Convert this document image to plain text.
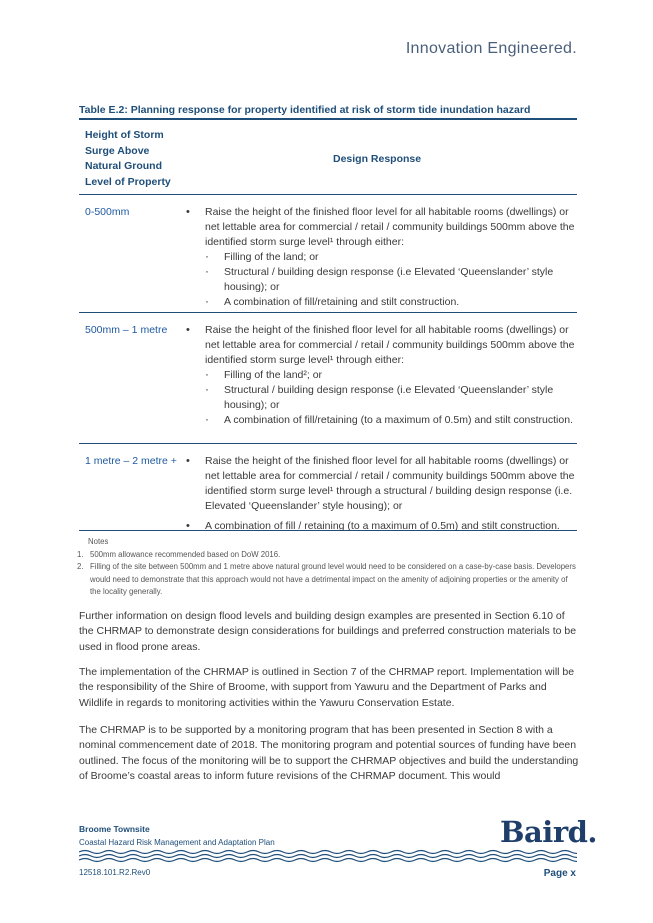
Innovation Engineered.
Table E.2: Planning response for property identified at risk of storm tide inundation hazard
Height of Storm
Surge Above
Natural Ground
Level of Property
Design Response
0-500mm	• Raise the height of the finished floor level for all habitable rooms (dwellings) or net lettable area for commercial / retail / community buildings 500mm above the identified storm surge level¹ through either:
· Filling of the land; or
· Structural / building design response (i.e Elevated ‘Queenslander’ style housing); or
· A combination of fill/retaining and stilt construction.
500mm – 1 metre	• Raise the height of the finished floor level for all habitable rooms (dwellings) or net lettable area for commercial / retail / community buildings 500mm above the identified storm surge level¹ through either:
· Filling of the land²; or
· Structural / building design response (i.e Elevated ‘Queenslander’ style housing); or
· A combination of fill/retaining (to a maximum of 0.5m) and stilt construction.
1 metre – 2 metre +	• Raise the height of the finished floor level for all habitable rooms (dwellings) or net lettable area for commercial / retail / community buildings 500mm above the identified storm surge level¹ through a structural / building design response (i.e. Elevated ‘Queenslander’ style housing); or
• A combination of fill / retaining (to a maximum of 0.5m) and stilt construction.
Notes
1. 500mm allowance recommended based on DoW 2016.
2. Filling of the site between 500mm and 1 metre above natural ground level would need to be considered on a case-by-case basis. Developers would need to demonstrate that this approach would not have a detrimental impact on the amenity of adjoining properties or the amenity of the locality generally.
Further information on design flood levels and building design examples are presented in Section 6.10 of the CHRMAP to demonstrate design considerations for buildings and preferred construction materials to be used in flood prone areas.
The implementation of the CHRMAP is outlined in Section 7 of the CHRMAP report. Implementation will be the responsibility of the Shire of Broome, with support from Yawuru and the Department of Parks and Wildlife in regards to monitoring activities within the Yawuru Conservation Estate.
The CHRMAP is to be supported by a monitoring program that has been presented in Section 8 with a nominal commencement date of 2018. The monitoring program and potential sources of funding have been outlined. The focus of the monitoring will be to support the CHRMAP objectives and build the understanding of Broome’s coastal areas to inform future revisions of the CHRMAP document. This would
Broome Townsite
Coastal Hazard Risk Management and Adaptation Plan	Baird.
12518.101.R2.Rev0	Page x
